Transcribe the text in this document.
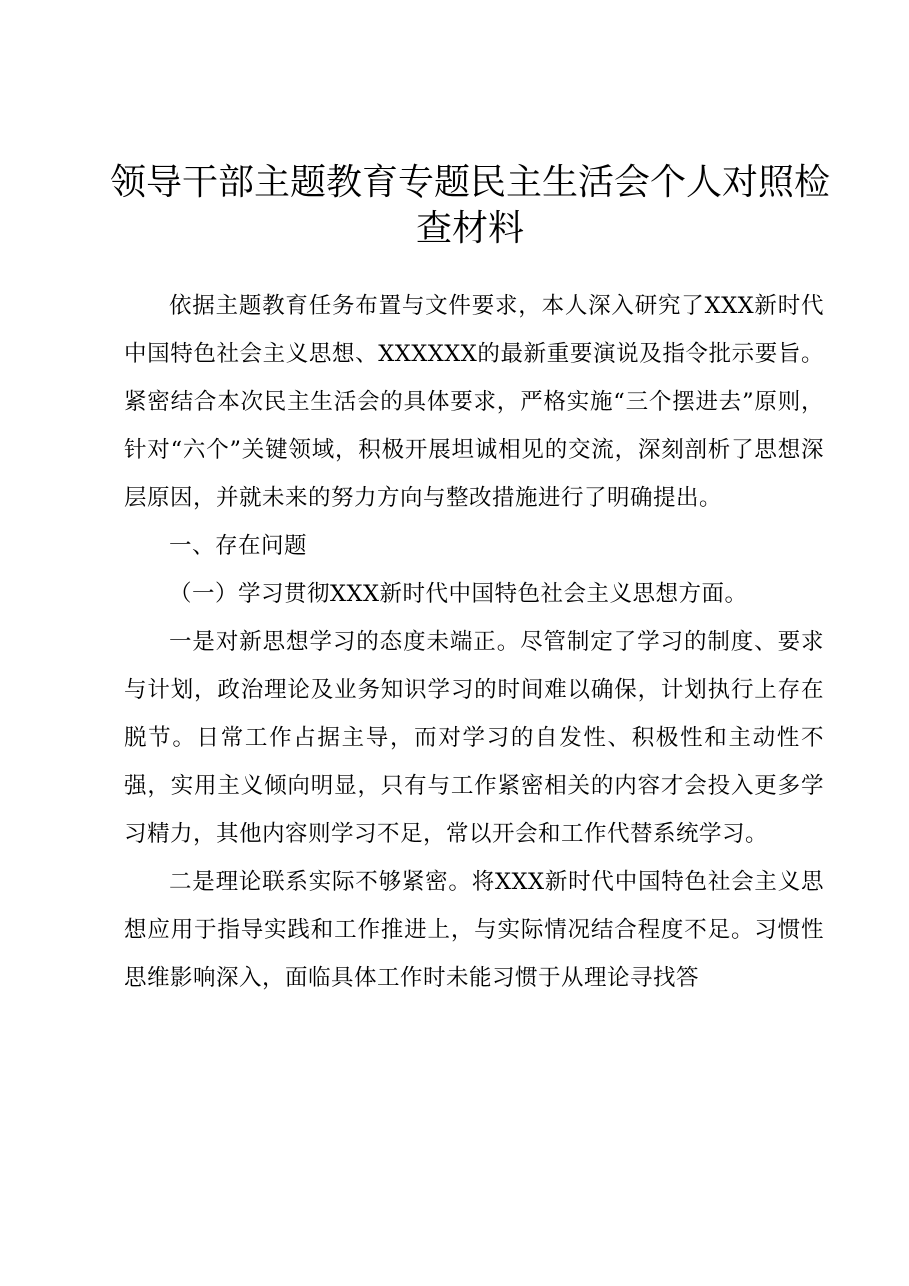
领导干部主题教育专题民主生活会个人对照检查材料

依据主题教育任务布置与文件要求，本人深入研究了XXX新时代中国特色社会主义思想、XXXXXX的最新重要演说及指令批示要旨。紧密结合本次民主生活会的具体要求，严格实施“三个摆进去”原则，针对“六个”关键领域，积极开展坦诚相见的交流，深刻剖析了思想深层原因，并就未来的努力方向与整改措施进行了明确提出。

一、存在问题

（一）学习贯彻XXX新时代中国特色社会主义思想方面。

一是对新思想学习的态度未端正。尽管制定了学习的制度、要求与计划，政治理论及业务知识学习的时间难以确保，计划执行上存在脱节。日常工作占据主导，而对学习的自发性、积极性和主动性不强，实用主义倾向明显，只有与工作紧密相关的内容才会投入更多学习精力，其他内容则学习不足，常以开会和工作代替系统学习。

二是理论联系实际不够紧密。将XXX新时代中国特色社会主义思想应用于指导实践和工作推进上，与实际情况结合程度不足。习惯性思维影响深入，面临具体工作时未能习惯于从理论寻找答
